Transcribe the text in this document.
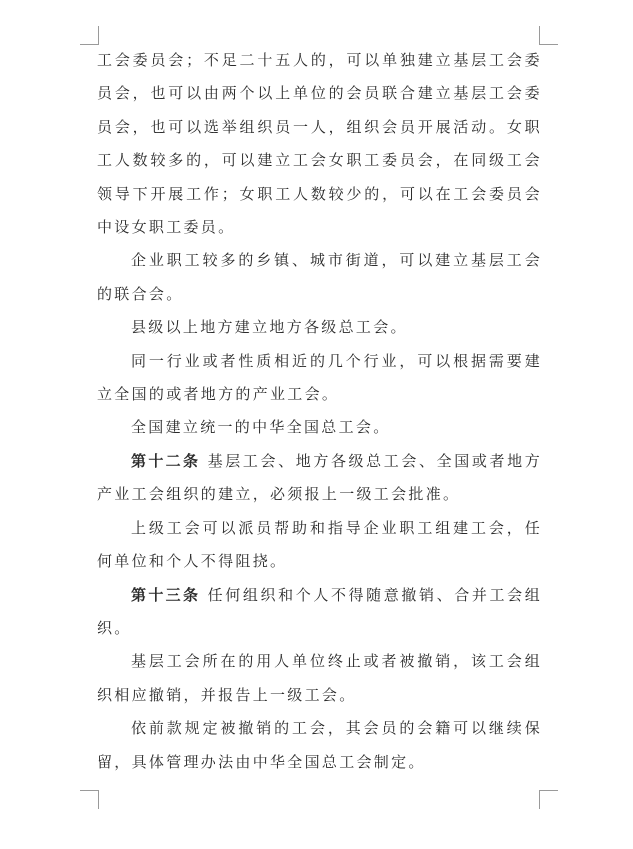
工会委员会；不足二十五人的，可以单独建立基层工会委员会，也可以由两个以上单位的会员联合建立基层工会委员会，也可以选举组织员一人，组织会员开展活动。女职工人数较多的，可以建立工会女职工委员会，在同级工会领导下开展工作；女职工人数较少的，可以在工会委员会中设女职工委员。

企业职工较多的乡镇、城市街道，可以建立基层工会的联合会。

县级以上地方建立地方各级总工会。

同一行业或者性质相近的几个行业，可以根据需要建立全国的或者地方的产业工会。

全国建立统一的中华全国总工会。

第十二条 基层工会、地方各级总工会、全国或者地方产业工会组织的建立，必须报上一级工会批准。

上级工会可以派员帮助和指导企业职工组建工会，任何单位和个人不得阻挠。

第十三条 任何组织和个人不得随意撤销、合并工会组织。

基层工会所在的用人单位终止或者被撤销，该工会组织相应撤销，并报告上一级工会。

依前款规定被撤销的工会，其会员的会籍可以继续保留，具体管理办法由中华全国总工会制定。
